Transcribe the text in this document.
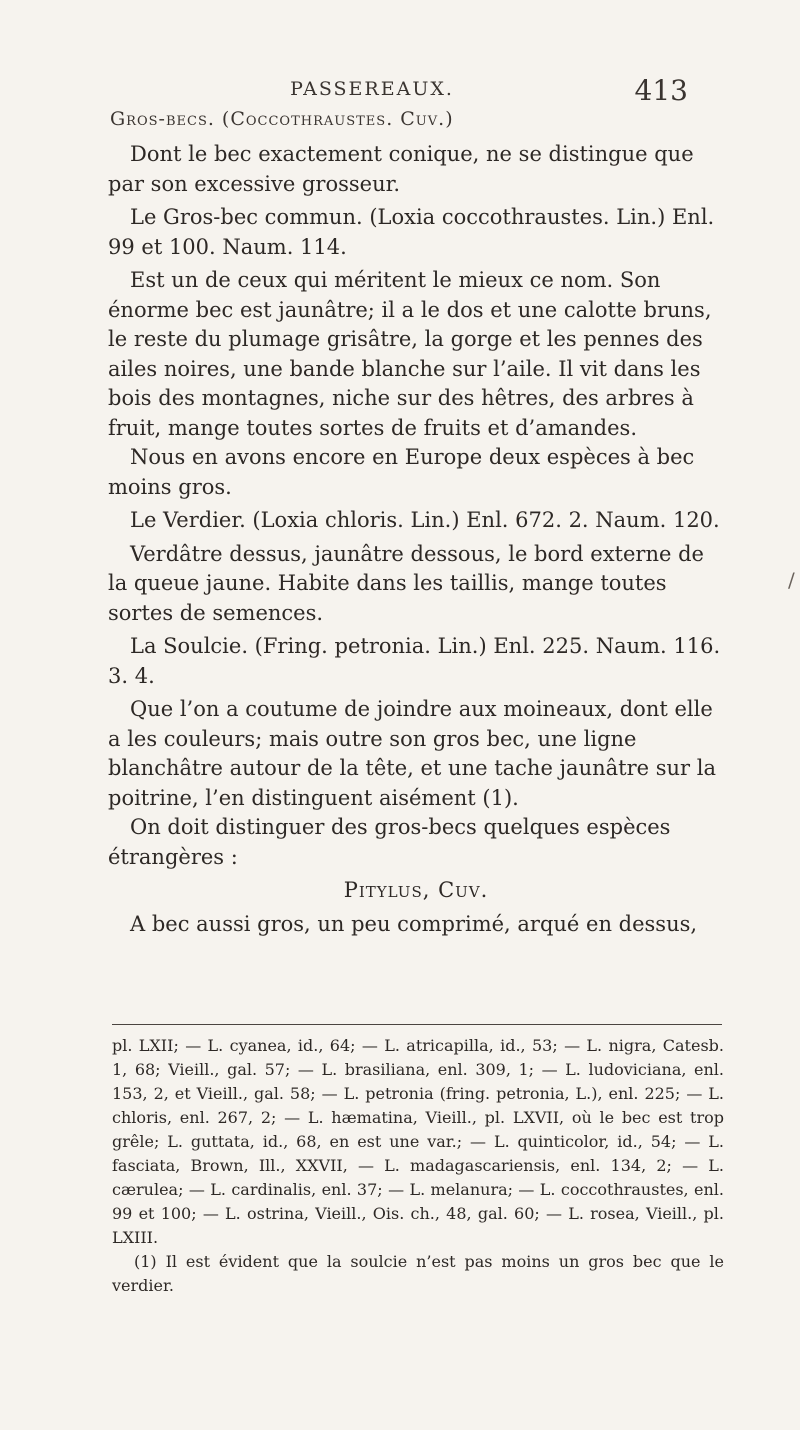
PASSEREAUX.	413
Gros-becs. (Coccothraustes. Cuv.)

Dont le bec exactement conique, ne se distingue que par son excessive grosseur.

Le Gros-bec commun. (Loxia coccothraustes. Lin.) Enl. 99 et 100. Naum. 114.

Est un de ceux qui méritent le mieux ce nom. Son énorme bec est jaunâtre; il a le dos et une calotte bruns, le reste du plumage grisâtre, la gorge et les pennes des ailes noires, une bande blanche sur l’aile. Il vit dans les bois des montagnes, niche sur des hêtres, des arbres à fruit, mange toutes sortes de fruits et d’amandes.

Nous en avons encore en Europe deux espèces à bec moins gros.

Le Verdier. (Loxia chloris. Lin.) Enl. 672. 2. Naum. 120.

Verdâtre dessus, jaunâtre dessous, le bord externe de la queue jaune. Habite dans les taillis, mange toutes sortes de semences.

La Soulcie. (Fring. petronia. Lin.) Enl. 225. Naum. 116. 3. 4.

Que l’on a coutume de joindre aux moineaux, dont elle a les couleurs; mais outre son gros bec, une ligne blanchâtre autour de la tête, et une tache jaunâtre sur la poitrine, l’en distinguent aisément (1).

On doit distinguer des gros-becs quelques espèces étrangères :

Pitylus, Cuv.

A bec aussi gros, un peu comprimé, arqué en dessus,

pl. LXII; — L. cyanea, id., 64; — L. atricapilla, id., 53; — L. nigra, Catesb. 1, 68; Vieill., gal. 57; — L. brasiliana, enl. 309, 1; — L. ludoviciana, enl. 153, 2, et Vieill., gal. 58; — L. petronia (fring. petronia, L.), enl. 225; — L. chloris, enl. 267, 2; — L. hæmatina, Vieill., pl. LXVII, où le bec est trop grêle; L. guttata, id., 68, en est une var.; — L. quinticolor, id., 54; — L. fasciata, Brown, Ill., XXVII, — L. madagascariensis, enl. 134, 2; — L. cærulea; — L. cardinalis, enl. 37; — L. melanura; — L. coccothraustes, enl. 99 et 100; — L. ostrina, Vieill., Ois. ch., 48, gal. 60; — L. rosea, Vieill., pl. LXIII.

(1) Il est évident que la soulcie n’est pas moins un gros bec que le verdier.

/
